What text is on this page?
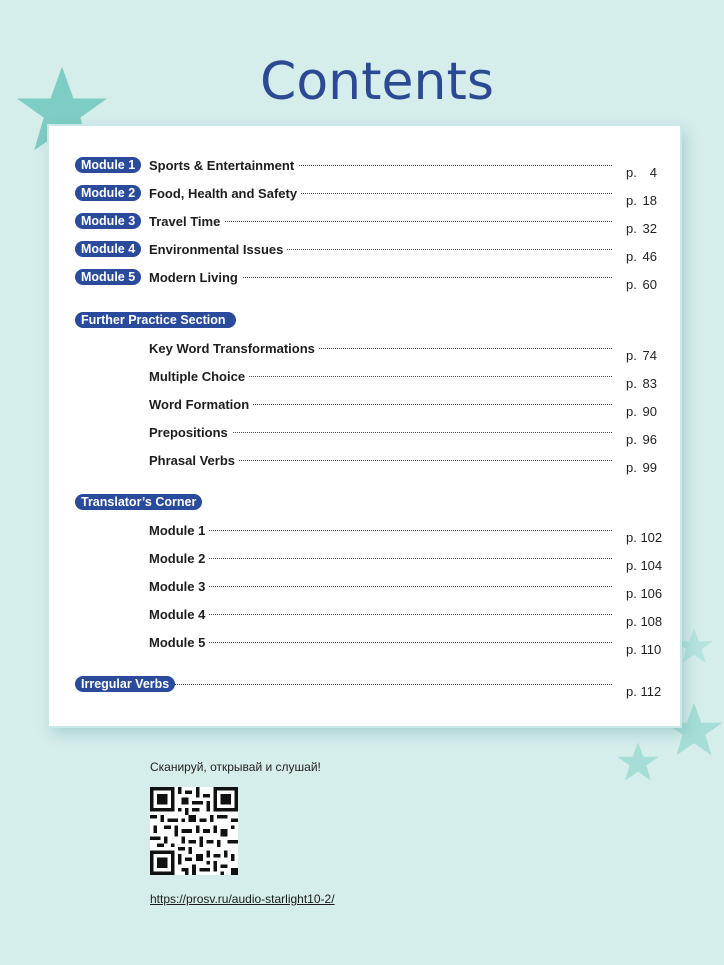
Contents
Module 1	Sports & Entertainment	p. 4
Module 2	Food, Health and Safety	p. 18
Module 3	Travel Time	p. 32
Module 4	Environmental Issues	p. 46
Module 5	Modern Living	p. 60
Further Practice Section
Key Word Transformations	p. 74
Multiple Choice	p. 83
Word Formation	p. 90
Prepositions	p. 96
Phrasal Verbs	p. 99
Translator’s Corner
Module 1	p. 102
Module 2	p. 104
Module 3	p. 106
Module 4	p. 108
Module 5	p. 110
Irregular Verbs	p. 112

Сканируй, открывай и слушай!

https://prosv.ru/audio-starlight10-2/
